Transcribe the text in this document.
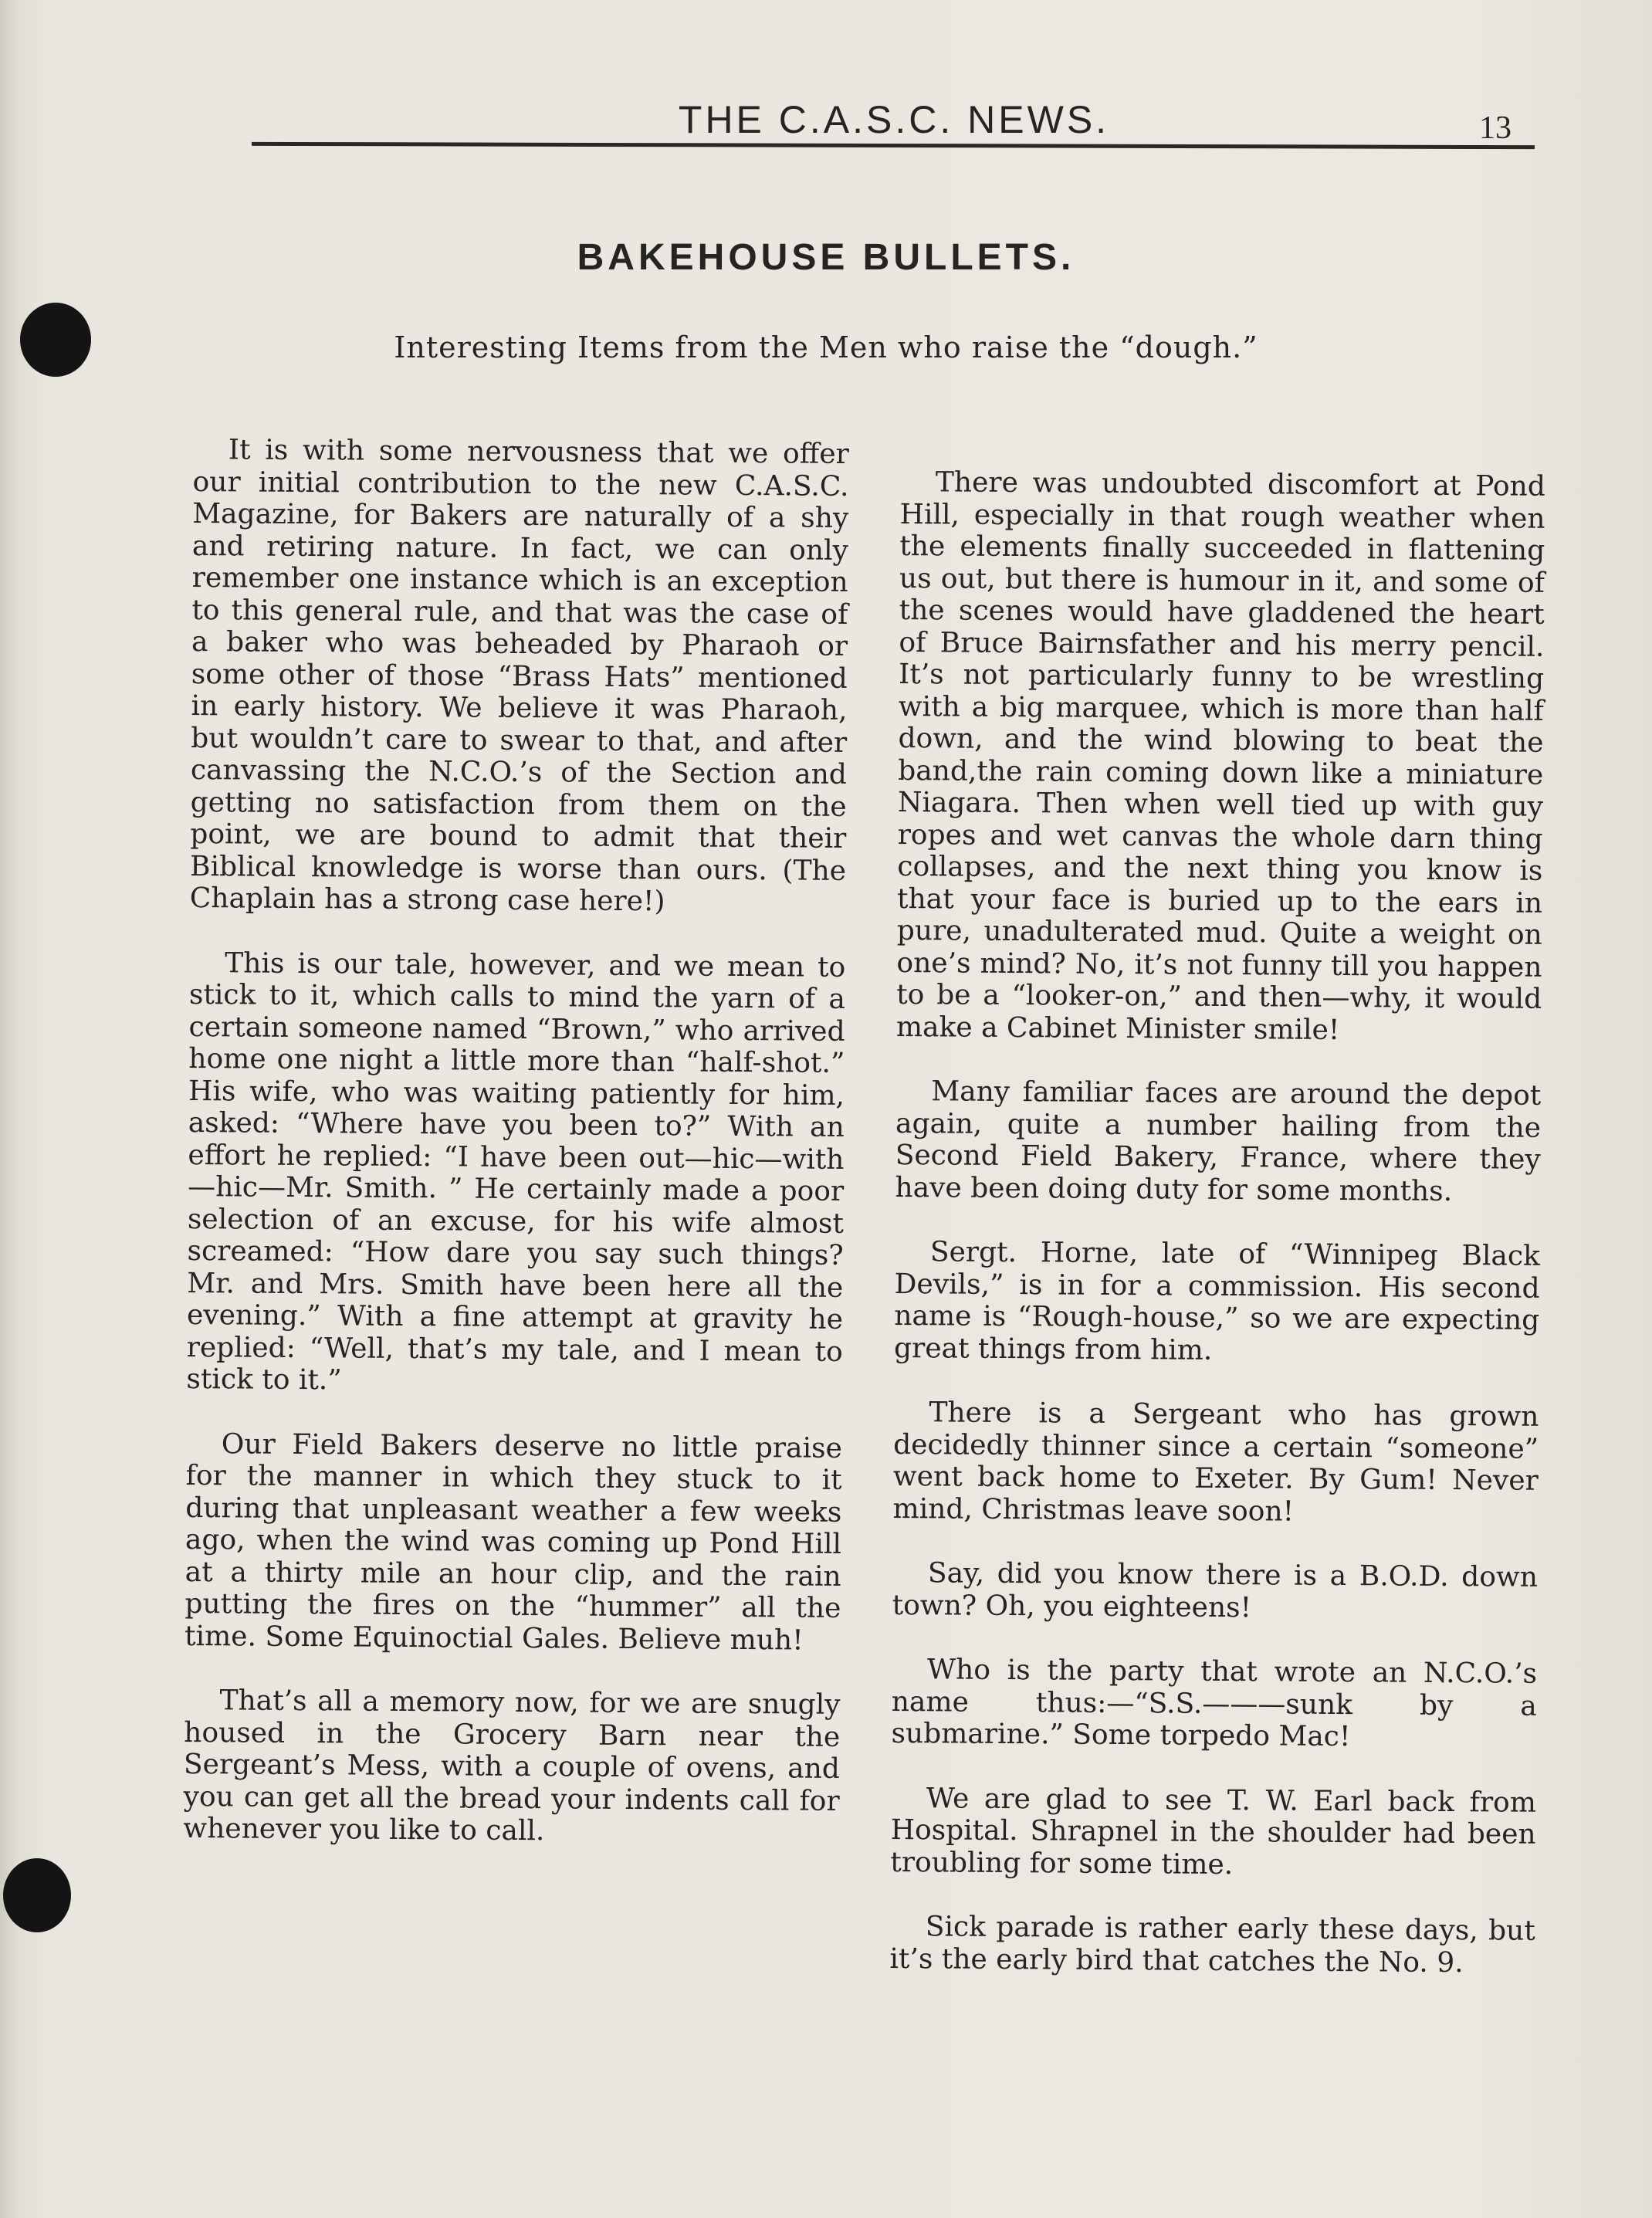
THE C.A.S.C. NEWS.	13
BAKEHOUSE BULLETS.
Interesting Items from the Men who raise the “dough.”

It is with some nervousness that we offer our initial contribution to the new C.A.S.C. Magazine, for Bakers are naturally of a shy and retiring nature. In fact, we can only remember one instance which is an exception to this general rule, and that was the case of a baker who was beheaded by Pharaoh or some other of those “Brass Hats” mentioned in early history. We believe it was Pharaoh, but wouldn’t care to swear to that, and after canvassing the N.C.O.’s of the Section and getting no satisfaction from them on the point, we are bound to admit that their Biblical knowledge is worse than ours. (The Chaplain has a strong case here!)

This is our tale, however, and we mean to stick to it, which calls to mind the yarn of a certain someone named “Brown,” who arrived home one night a little more than “half-shot.” His wife, who was waiting patiently for him, asked: “Where have you been to?” With an effort he replied: “I have been out—hic—with—hic—Mr. Smith. ” He certainly made a poor selection of an excuse, for his wife almost screamed: “How dare you say such things? Mr. and Mrs. Smith have been here all the evening.” With a fine attempt at gravity he replied: “Well, that’s my tale, and I mean to stick to it.”

Our Field Bakers deserve no little praise for the manner in which they stuck to it during that unpleasant weather a few weeks ago, when the wind was coming up Pond Hill at a thirty mile an hour clip, and the rain putting the fires on the “hummer” all the time. Some Equinoctial Gales. Believe muh!

That’s all a memory now, for we are snugly housed in the Grocery Barn near the Sergeant’s Mess, with a couple of ovens, and you can get all the bread your indents call for whenever you like to call.

There was undoubted discomfort at Pond Hill, especially in that rough weather when the elements finally succeeded in flattening us out, but there is humour in it, and some of the scenes would have gladdened the heart of Bruce Bairnsfather and his merry pencil. It’s not particularly funny to be wrestling with a big marquee, which is more than half down, and the wind blowing to beat the band,the rain coming down like a miniature Niagara. Then when well tied up with guy ropes and wet canvas the whole darn thing collapses, and the next thing you know is that your face is buried up to the ears in pure, unadulterated mud. Quite a weight on one’s mind? No, it’s not funny till you happen to be a “looker-on,” and then—why, it would make a Cabinet Minister smile!

Many familiar faces are around the depot again, quite a number hailing from the Second Field Bakery, France, where they have been doing duty for some months.

Sergt. Horne, late of “Winnipeg Black Devils,” is in for a commission. His second name is “Rough-house,” so we are expecting great things from him.

There is a Sergeant who has grown decidedly thinner since a certain “someone” went back home to Exeter. By Gum! Never mind, Christmas leave soon!

Say, did you know there is a B.O.D. down town? Oh, you eighteens!

Who is the party that wrote an N.C.O.’s name thus:—“S.S.———sunk by a submarine.” Some torpedo Mac!

We are glad to see T. W. Earl back from Hospital. Shrapnel in the shoulder had been troubling for some time.

Sick parade is rather early these days, but it’s the early bird that catches the No. 9.
